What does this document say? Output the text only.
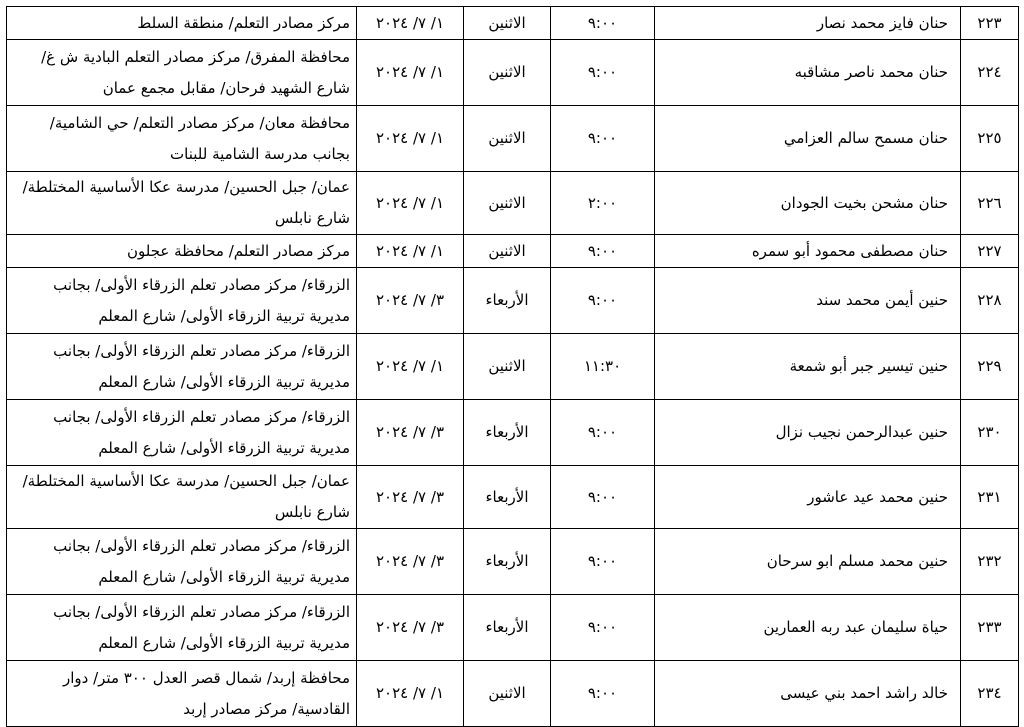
٢٢٣	حنان فايز محمد نصار	٩:٠٠	الاثنين	١/ ٧/ ٢٠٢٤	مركز مصادر التعلم/ منطقة السلط
٢٢٤	حنان محمد ناصر مشاقبه	٩:٠٠	الاثنين	١/ ٧/ ٢٠٢٤	محافظة المفرق/ مركز مصادر التعلم البادية ش غ/ شارع الشهيد فرحان/ مقابل مجمع عمان
٢٢٥	حنان مسمح سالم العزامي	٩:٠٠	الاثنين	١/ ٧/ ٢٠٢٤	محافظة معان/ مركز مصادر التعلم/ حي الشامية/ بجانب مدرسة الشامية للبنات
٢٢٦	حنان مشحن بخيت الجودان	٢:٠٠	الاثنين	١/ ٧/ ٢٠٢٤	عمان/ جبل الحسين/ مدرسة عكا الأساسية المختلطة/ شارع نابلس
٢٢٧	حنان مصطفى محمود أبو سمره	٩:٠٠	الاثنين	١/ ٧/ ٢٠٢٤	مركز مصادر التعلم/ محافظة عجلون
٢٢٨	حنين أيمن محمد سند	٩:٠٠	الأربعاء	٣/ ٧/ ٢٠٢٤	الزرقاء/ مركز مصادر تعلم الزرقاء الأولى/ بجانب مديرية تربية الزرقاء الأولى/ شارع المعلم
٢٢٩	حنين تيسير جبر أبو شمعة	١١:٣٠	الاثنين	١/ ٧/ ٢٠٢٤	الزرقاء/ مركز مصادر تعلم الزرقاء الأولى/ بجانب مديرية تربية الزرقاء الأولى/ شارع المعلم
٢٣٠	حنين عبدالرحمن نجيب نزال	٩:٠٠	الأربعاء	٣/ ٧/ ٢٠٢٤	الزرقاء/ مركز مصادر تعلم الزرقاء الأولى/ بجانب مديرية تربية الزرقاء الأولى/ شارع المعلم
٢٣١	حنين محمد عيد عاشور	٩:٠٠	الأربعاء	٣/ ٧/ ٢٠٢٤	عمان/ جبل الحسين/ مدرسة عكا الأساسية المختلطة/ شارع نابلس
٢٣٢	حنين محمد مسلم ابو سرحان	٩:٠٠	الأربعاء	٣/ ٧/ ٢٠٢٤	الزرقاء/ مركز مصادر تعلم الزرقاء الأولى/ بجانب مديرية تربية الزرقاء الأولى/ شارع المعلم
٢٣٣	حياة سليمان عبد ربه العمارين	٩:٠٠	الأربعاء	٣/ ٧/ ٢٠٢٤	الزرقاء/ مركز مصادر تعلم الزرقاء الأولى/ بجانب مديرية تربية الزرقاء الأولى/ شارع المعلم
٢٣٤	خالد راشد احمد بني عيسى	٩:٠٠	الاثنين	١/ ٧/ ٢٠٢٤	محافظة إربد/ شمال قصر العدل ٣٠٠ متر/ دوار القادسية/ مركز مصادر إربد
